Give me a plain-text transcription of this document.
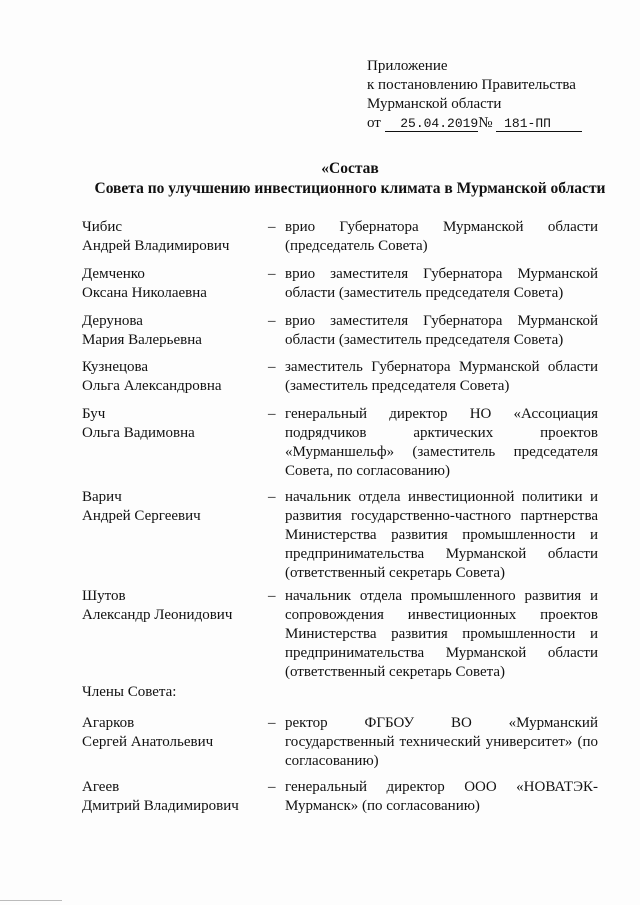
Приложение
к постановлению Правительства
Мурманской области
от 25.04.2019№ 181-ПП
«Состав
Совета по улучшению инвестиционного климата в Мурманской области
Чибис
Андрей Владимирович
– врио Губернатора Мурманской области (председатель Совета)
Демченко
Оксана Николаевна
– врио заместителя Губернатора Мурманской области (заместитель председателя Совета)
Дерунова
Мария Валерьевна
– врио заместителя Губернатора Мурманской области (заместитель председателя Совета)
Кузнецова
Ольга Александровна
– заместитель Губернатора Мурманской области (заместитель председателя Совета)
Буч
Ольга Вадимовна
– генеральный директор НО «Ассоциация подрядчиков арктических проектов «Мурманшельф» (заместитель председателя Совета, по согласованию)
Варич
Андрей Сергеевич
– начальник отдела инвестиционной политики и развития государственно-частного партнерства Министерства развития промышленности и предпринимательства Мурманской области (ответственный секретарь Совета)
Шутов
Александр Леонидович
– начальник отдела промышленного развития и сопровождения инвестиционных проектов Министерства развития промышленности и предпринимательства Мурманской области (ответственный секретарь Совета)
Члены Совета:
Агарков
Сергей Анатольевич
– ректор ФГБОУ ВО «Мурманский государственный технический университет» (по согласованию)
Агеев
Дмитрий Владимирович
– генеральный директор ООО «НОВАТЭК-Мурманск» (по согласованию)
